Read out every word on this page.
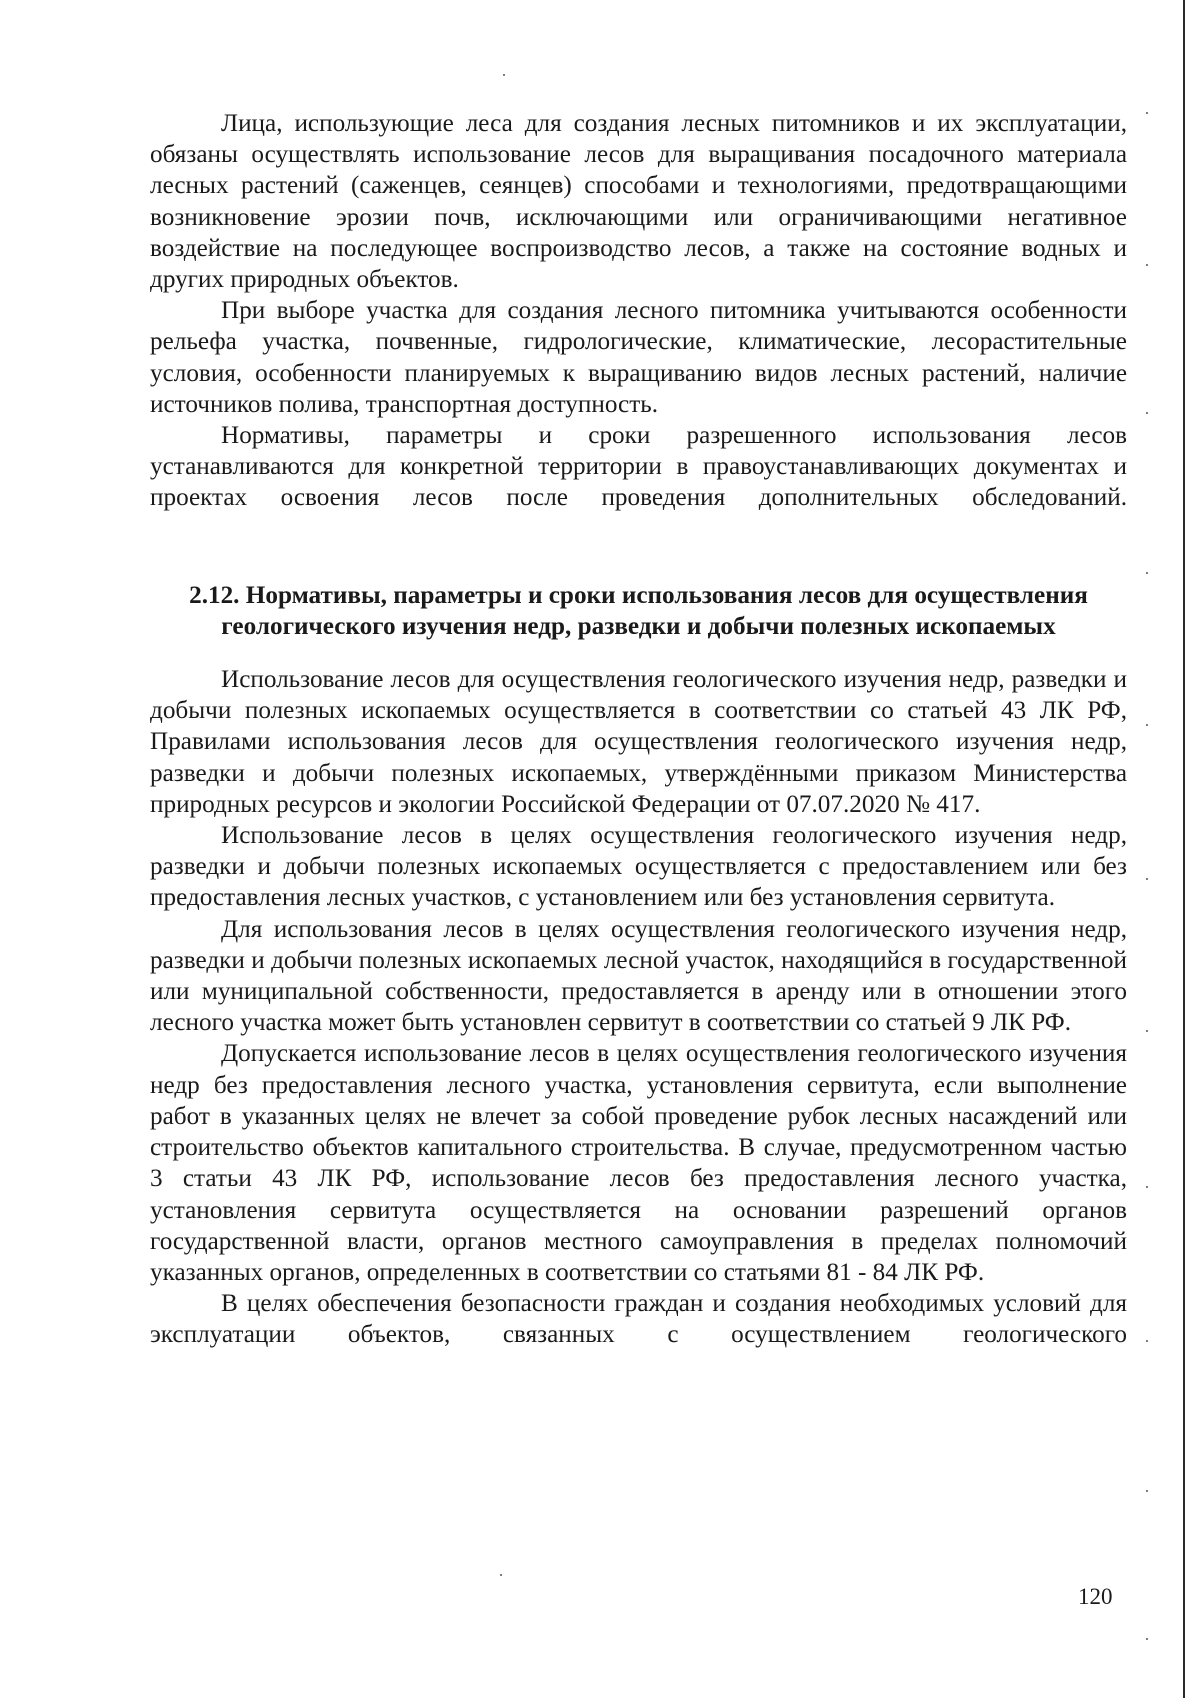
Лица, использующие леса для создания лесных питомников и их эксплуатации, обязаны осуществлять использование лесов для выращивания посадочного материала лесных растений (саженцев, сеянцев) способами и технологиями, предотвращающими возникновение эрозии почв, исключающими или ограничивающими негативное воздействие на последующее воспроизводство лесов, а также на состояние водных и других природных объектов.

При выборе участка для создания лесного питомника учитываются особенности рельефа участка, почвенные, гидрологические, климатические, лесорастительные условия, особенности планируемых к выращиванию видов лесных растений, наличие источников полива, транспортная доступность.

Нормативы, параметры и сроки разрешенного использования лесов устанавливаются для конкретной территории в правоустанавливающих документах и проектах освоения лесов после проведения дополнительных обследований.

2.12. Нормативы, параметры и сроки использования лесов для осуществления геологического изучения недр, разведки и добычи полезных ископаемых

Использование лесов для осуществления геологического изучения недр, разведки и добычи полезных ископаемых осуществляется в соответствии со статьей 43 ЛК РФ, Правилами использования лесов для осуществления геологического изучения недр, разведки и добычи полезных ископаемых, утверждёнными приказом Министерства природных ресурсов и экологии Российской Федерации от 07.07.2020 № 417.

Использование лесов в целях осуществления геологического изучения недр, разведки и добычи полезных ископаемых осуществляется с предоставлением или без предоставления лесных участков, с установлением или без установления сервитута.

Для использования лесов в целях осуществления геологического изучения недр, разведки и добычи полезных ископаемых лесной участок, находящийся в государственной или муниципальной собственности, предоставляется в аренду или в отношении этого лесного участка может быть установлен сервитут в соответствии со статьей 9 ЛК РФ.

Допускается использование лесов в целях осуществления геологического изучения недр без предоставления лесного участка, установления сервитута, если выполнение работ в указанных целях не влечет за собой проведение рубок лесных насаждений или строительство объектов капитального строительства. В случае, предусмотренном частью 3 статьи 43 ЛК РФ, использование лесов без предоставления лесного участка, установления сервитута осуществляется на основании разрешений органов государственной власти, органов местного самоуправления в пределах полномочий указанных органов, определенных в соответствии со статьями 81 - 84 ЛК РФ.

В целях обеспечения безопасности граждан и создания необходимых условий для эксплуатации объектов, связанных с осуществлением геологического

120
